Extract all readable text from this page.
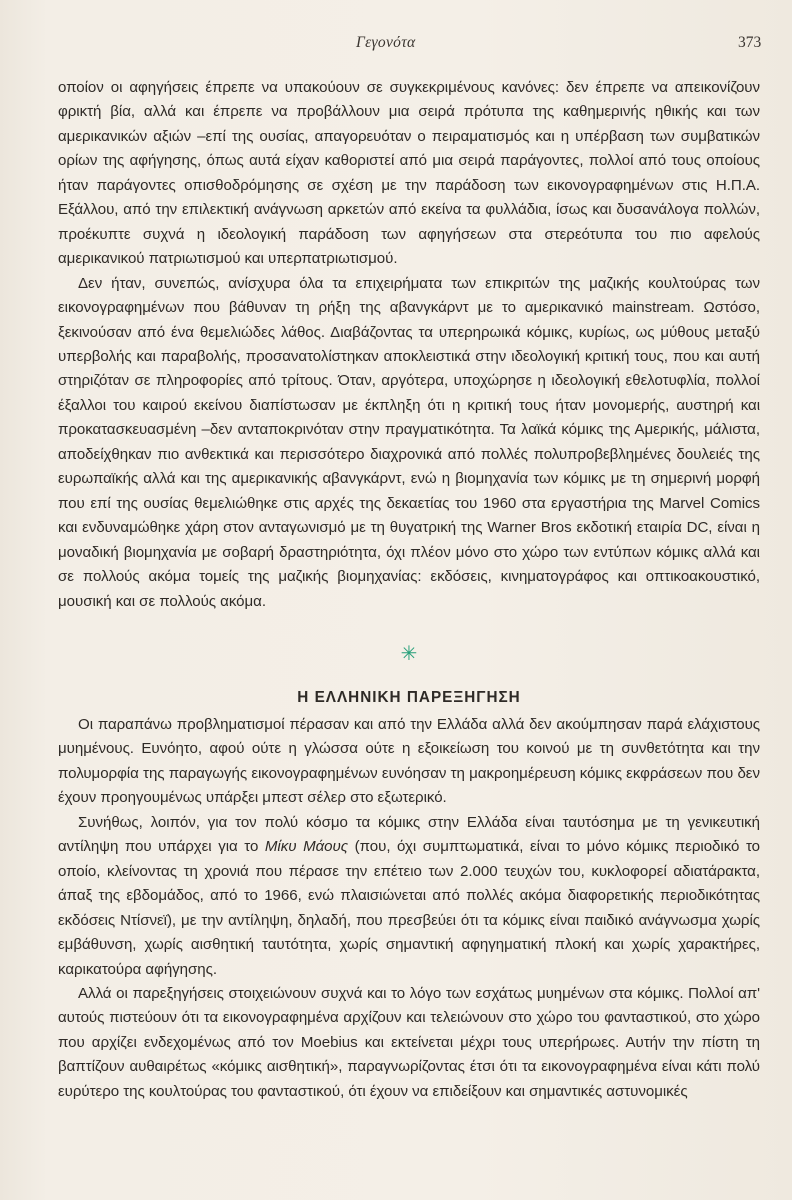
Γεγονότα	373

οποίον οι αφηγήσεις έπρεπε να υπακούουν σε συγκεκριμένους κανόνες: δεν έπρεπε να απεικονίζουν φρικτή βία, αλλά και έπρεπε να προβάλλουν μια σειρά πρότυπα της καθημερινής ηθικής και των αμερικανικών αξιών –επί της ουσίας, απαγορευόταν ο πειραματισμός και η υπέρβαση των συμβατικών ορίων της αφήγησης, όπως αυτά είχαν καθοριστεί από μια σειρά παράγοντες, πολλοί από τους οποίους ήταν παράγοντες οπισθοδρόμησης σε σχέση με την παράδοση των εικονογραφημένων στις Η.Π.Α. Εξάλλου, από την επιλεκτική ανάγνωση αρκετών από εκείνα τα φυλλάδια, ίσως και δυσανάλογα πολλών, προέκυπτε συχνά η ιδεολογική παράδοση των αφηγήσεων στα στερεότυπα του πιο αφελούς αμερικανικού πατριωτισμού και υπερπατριωτισμού.

Δεν ήταν, συνεπώς, ανίσχυρα όλα τα επιχειρήματα των επικριτών της μαζικής κουλτούρας των εικονογραφημένων που βάθυναν τη ρήξη της αβανγκάρντ με το αμερικανικό mainstream. Ωστόσο, ξεκινούσαν από ένα θεμελιώδες λάθος. Διαβάζοντας τα υπερηρωικά κόμικς, κυρίως, ως μύθους μεταξύ υπερβολής και παραβολής, προσανατολίστηκαν αποκλειστικά στην ιδεολογική κριτική τους, που και αυτή στηριζόταν σε πληροφορίες από τρίτους. Όταν, αργότερα, υποχώρησε η ιδεολογική εθελοτυφλία, πολλοί έξαλλοι του καιρού εκείνου διαπίστωσαν με έκπληξη ότι η κριτική τους ήταν μονομερής, αυστηρή και προκατασκευασμένη –δεν ανταποκρινόταν στην πραγματικότητα. Τα λαϊκά κόμικς της Αμερικής, μάλιστα, αποδείχθηκαν πιο ανθεκτικά και περισσότερο διαχρονικά από πολλές πολυπροβεβλημένες δουλειές της ευρωπαϊκής αλλά και της αμερικανικής αβανγκάρντ, ενώ η βιομηχανία των κόμικς με τη σημερινή μορφή που επί της ουσίας θεμελιώθηκε στις αρχές της δεκαετίας του 1960 στα εργαστήρια της Marvel Comics και ενδυναμώθηκε χάρη στον ανταγωνισμό με τη θυγατρική της Warner Bros εκδοτική εταιρία DC, είναι η μοναδική βιομηχανία με σοβαρή δραστηριότητα, όχι πλέον μόνο στο χώρο των εντύπων κόμικς αλλά και σε πολλούς ακόμα τομείς της μαζικής βιομηχανίας: εκδόσεις, κινηματογράφος και οπτικοακουστικό, μουσική και σε πολλούς ακόμα.

✳
Η ΕΛΛΗΝΙΚΗ ΠΑΡΕΞΗΓΗΣΗ

Οι παραπάνω προβληματισμοί πέρασαν και από την Ελλάδα αλλά δεν ακούμπησαν παρά ελάχιστους μυημένους. Ευνόητο, αφού ούτε η γλώσσα ούτε η εξοικείωση του κοινού με τη συνθετότητα και την πολυμορφία της παραγωγής εικονογραφημένων ευνόησαν τη μακροημέρευση κόμικς εκφράσεων που δεν έχουν προηγουμένως υπάρξει μπεστ σέλερ στο εξωτερικό.

Συνήθως, λοιπόν, για τον πολύ κόσμο τα κόμικς στην Ελλάδα είναι ταυτόσημα με τη γενικευτική αντίληψη που υπάρχει για το Μίκυ Μάους (που, όχι συμπτωματικά, είναι το μόνο κόμικς περιοδικό το οποίο, κλείνοντας τη χρονιά που πέρασε την επέτειο των 2.000 τευχών του, κυκλοφορεί αδιατάρακτα, άπαξ της εβδομάδος, από το 1966, ενώ πλαισιώνεται από πολλές ακόμα διαφορετικής περιοδικότητας εκδόσεις Ντίσνεϊ), με την αντίληψη, δηλαδή, που πρεσβεύει ότι τα κόμικς είναι παιδικό ανάγνωσμα χωρίς εμβάθυνση, χωρίς αισθητική ταυτότητα, χωρίς σημαντική αφηγηματική πλοκή και χωρίς χαρακτήρες, καρικατούρα αφήγησης.

Αλλά οι παρεξηγήσεις στοιχειώνουν συχνά και το λόγο των εσχάτως μυημένων στα κόμικς. Πολλοί απ' αυτούς πιστεύουν ότι τα εικονογραφημένα αρχίζουν και τελειώνουν στο χώρο του φανταστικού, στο χώρο που αρχίζει ενδεχομένως από τον Moebius και εκτείνεται μέχρι τους υπερήρωες. Αυτήν την πίστη τη βαπτίζουν αυθαιρέτως «κόμικς αισθητική», παραγνωρίζοντας έτσι ότι τα εικονογραφημένα είναι κάτι πολύ ευρύτερο της κουλτούρας του φανταστικού, ότι έχουν να επιδείξουν και σημαντικές αστυνομικές
